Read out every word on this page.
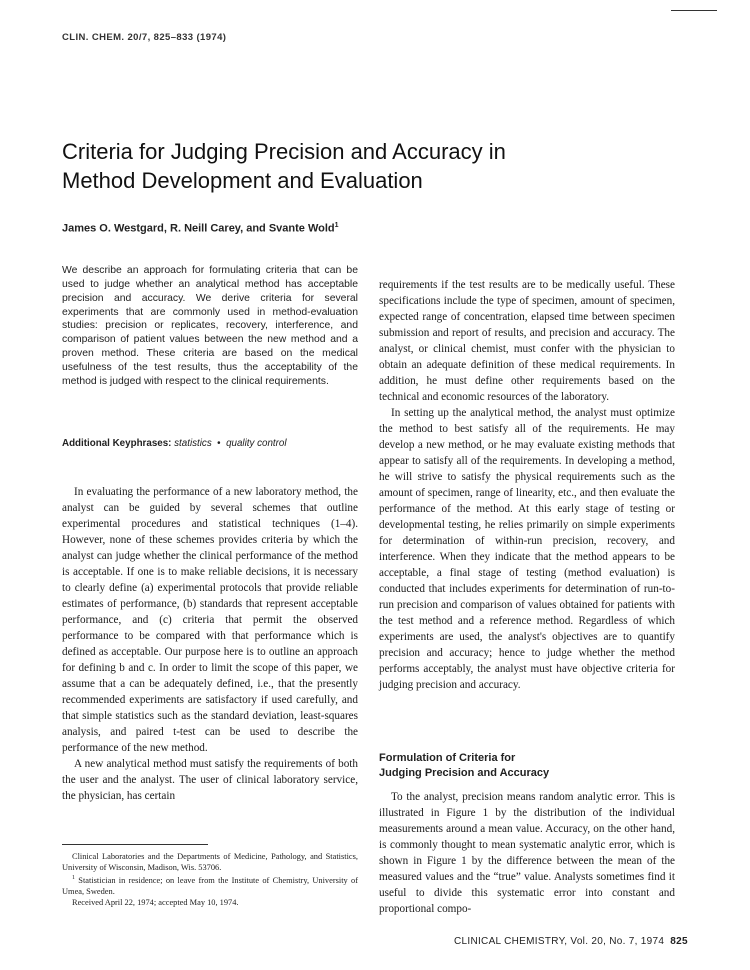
CLIN. CHEM. 20/7, 825–833 (1974)
Criteria for Judging Precision and Accuracy in
Method Development and Evaluation
James O. Westgard, R. Neill Carey, and Svante Wold$^1$

We describe an approach for formulating criteria that can be used to judge whether an analytical method has acceptable precision and accuracy. We derive criteria for several experiments that are commonly used in method-evaluation studies: precision or replicates, recovery, interference, and comparison of patient values between the new method and a proven method. These criteria are based on the medical usefulness of the test results, thus the acceptability of the method is judged with respect to the clinical requirements.

Additional Keyphrases: statistics • quality control

In evaluating the performance of a new laboratory method, the analyst can be guided by several schemes that outline experimental procedures and statistical techniques (1–4). However, none of these schemes provides criteria by which the analyst can judge whether the clinical performance of the method is acceptable. If one is to make reliable decisions, it is necessary to clearly define (a) experimental protocols that provide reliable estimates of performance, (b) standards that represent acceptable performance, and (c) criteria that permit the observed performance to be compared with that performance which is defined as acceptable. Our purpose here is to outline an approach for defining b and c. In order to limit the scope of this paper, we assume that a can be adequately defined, i.e., that the presently recommended experiments are satisfactory if used carefully, and that simple statistics such as the standard deviation, least-squares analysis, and paired t-test can be used to describe the performance of the new method.

A new analytical method must satisfy the requirements of both the user and the analyst. The user of clinical laboratory service, the physician, has certain

Clinical Laboratories and the Departments of Medicine, Pathology, and Statistics, University of Wisconsin, Madison, Wis. 53706.

$^1$ Statistician in residence; on leave from the Institute of Chemistry, University of Umea, Sweden.

Received April 22, 1974; accepted May 10, 1974.

requirements if the test results are to be medically useful. These specifications include the type of specimen, amount of specimen, expected range of concentration, elapsed time between specimen submission and report of results, and precision and accuracy. The analyst, or clinical chemist, must confer with the physician to obtain an adequate definition of these medical requirements. In addition, he must define other requirements based on the technical and economic resources of the laboratory.

In setting up the analytical method, the analyst must optimize the method to best satisfy all of the requirements. He may develop a new method, or he may evaluate existing methods that appear to satisfy all of the requirements. In developing a method, he will strive to satisfy the physical requirements such as the amount of specimen, range of linearity, etc., and then evaluate the performance of the method. At this early stage of testing or developmental testing, he relies primarily on simple experiments for determination of within-run precision, recovery, and interference. When they indicate that the method appears to be acceptable, a final stage of testing (method evaluation) is conducted that includes experiments for determination of run-to-run precision and comparison of values obtained for patients with the test method and a reference method. Regardless of which experiments are used, the analyst's objectives are to quantify precision and accuracy; hence to judge whether the method performs acceptably, the analyst must have objective criteria for judging precision and accuracy.

Formulation of Criteria for
Judging Precision and Accuracy

To the analyst, precision means random analytic error. This is illustrated in Figure 1 by the distribution of the individual measurements around a mean value. Accuracy, on the other hand, is commonly thought to mean systematic analytic error, which is shown in Figure 1 by the difference between the mean of the measured values and the “true” value. Analysts sometimes find it useful to divide this systematic error into constant and proportional compo-

CLINICAL CHEMISTRY, Vol. 20, No. 7, 1974 825
